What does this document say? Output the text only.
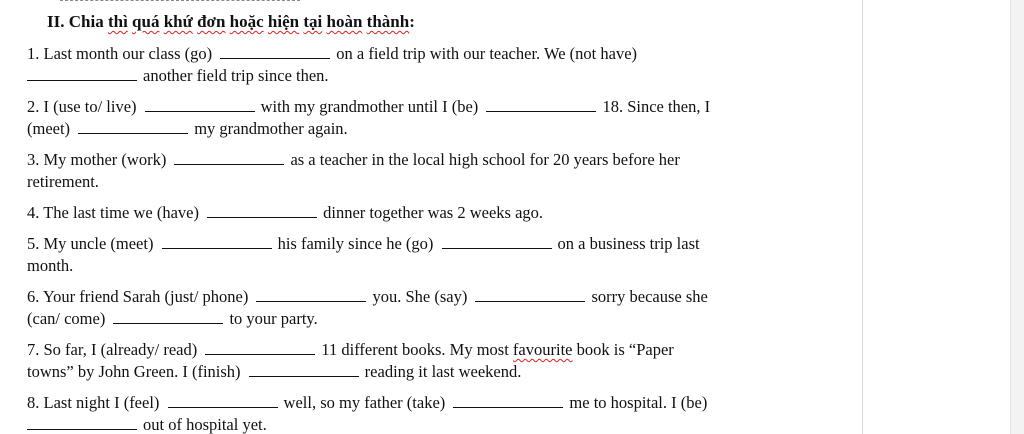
II. Chia thì quá khứ đơn hoặc hiện tại hoàn thành:
1. Last month our class (go)	on a field trip with our teacher. We (not have)
another field trip since then.
2. I (use to/ live)	with my grandmother until I (be)	18. Since then, I
(meet)	my grandmother again.
3. My mother (work)	as a teacher in the local high school for 20 years before her
retirement.
4. The last time we (have)	dinner together was 2 weeks ago.
5. My uncle (meet)	his family since he (go)	on a business trip last
month.
6. Your friend Sarah (just/ phone)	you. She (say)	sorry because she
(can/ come)	to your party.
7. So far, I (already/ read)	11 different books. My most favourite book is “Paper
towns” by John Green. I (finish)	reading it last weekend.
8. Last night I (feel)	well, so my father (take)	me to hospital. I (be)
out of hospital yet.
